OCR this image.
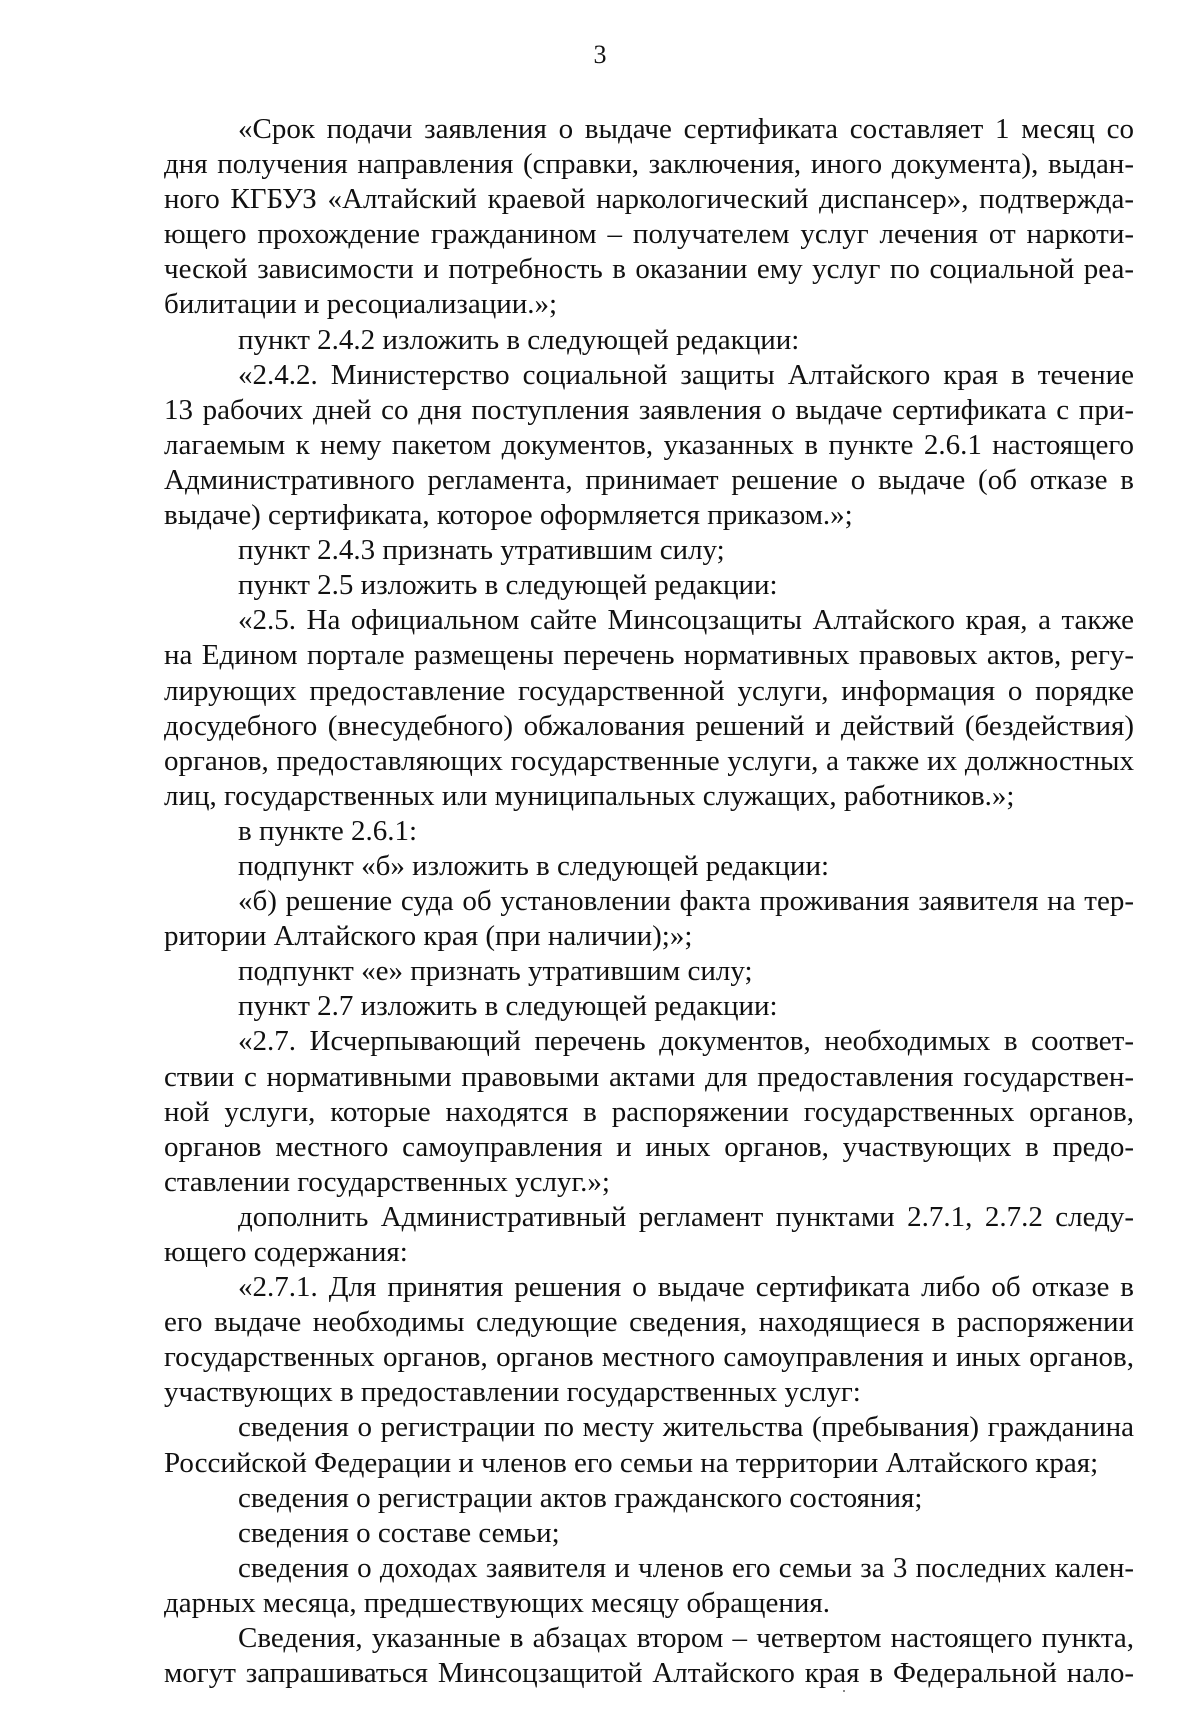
3
«Срок подачи заявления о выдаче сертификата составляет 1 месяц со
дня получения направления (справки, заключения, иного документа), выдан-
ного КГБУЗ «Алтайский краевой наркологический диспансер», подтвержда-
ющего прохождение гражданином – получателем услуг лечения от наркоти-
ческой зависимости и потребность в оказании ему услуг по социальной реа-
билитации и ресоциализации.»;
пункт 2.4.2 изложить в следующей редакции:
«2.4.2. Министерство социальной защиты Алтайского края в течение
13 рабочих дней со дня поступления заявления о выдаче сертификата с при-
лагаемым к нему пакетом документов, указанных в пункте 2.6.1 настоящего
Административного регламента, принимает решение о выдаче (об отказе в
выдаче) сертификата, которое оформляется приказом.»;
пункт 2.4.3 признать утратившим силу;
пункт 2.5 изложить в следующей редакции:
«2.5. На официальном сайте Минсоцзащиты Алтайского края, а также
на Едином портале размещены перечень нормативных правовых актов, регу-
лирующих предоставление государственной услуги, информация о порядке
досудебного (внесудебного) обжалования решений и действий (бездействия)
органов, предоставляющих государственные услуги, а также их должностных
лиц, государственных или муниципальных служащих, работников.»;
в пункте 2.6.1:
подпункт «б» изложить в следующей редакции:
«б) решение суда об установлении факта проживания заявителя на тер-
ритории Алтайского края (при наличии);»;
подпункт «е» признать утратившим силу;
пункт 2.7 изложить в следующей редакции:
«2.7. Исчерпывающий перечень документов, необходимых в соответ-
ствии с нормативными правовыми актами для предоставления государствен-
ной услуги, которые находятся в распоряжении государственных органов,
органов местного самоуправления и иных органов, участвующих в предо-
ставлении государственных услуг.»;
дополнить Административный регламент пунктами 2.7.1, 2.7.2 следу-
ющего содержания:
«2.7.1. Для принятия решения о выдаче сертификата либо об отказе в
его выдаче необходимы следующие сведения, находящиеся в распоряжении
государственных органов, органов местного самоуправления и иных органов,
участвующих в предоставлении государственных услуг:
сведения о регистрации по месту жительства (пребывания) гражданина
Российской Федерации и членов его семьи на территории Алтайского края;
сведения о регистрации актов гражданского состояния;
сведения о составе семьи;
сведения о доходах заявителя и членов его семьи за 3 последних кален-
дарных месяца, предшествующих месяцу обращения.
Сведения, указанные в абзацах втором – четвертом настоящего пункта,
могут запрашиваться Минсоцзащитой Алтайского края в Федеральной нало-
